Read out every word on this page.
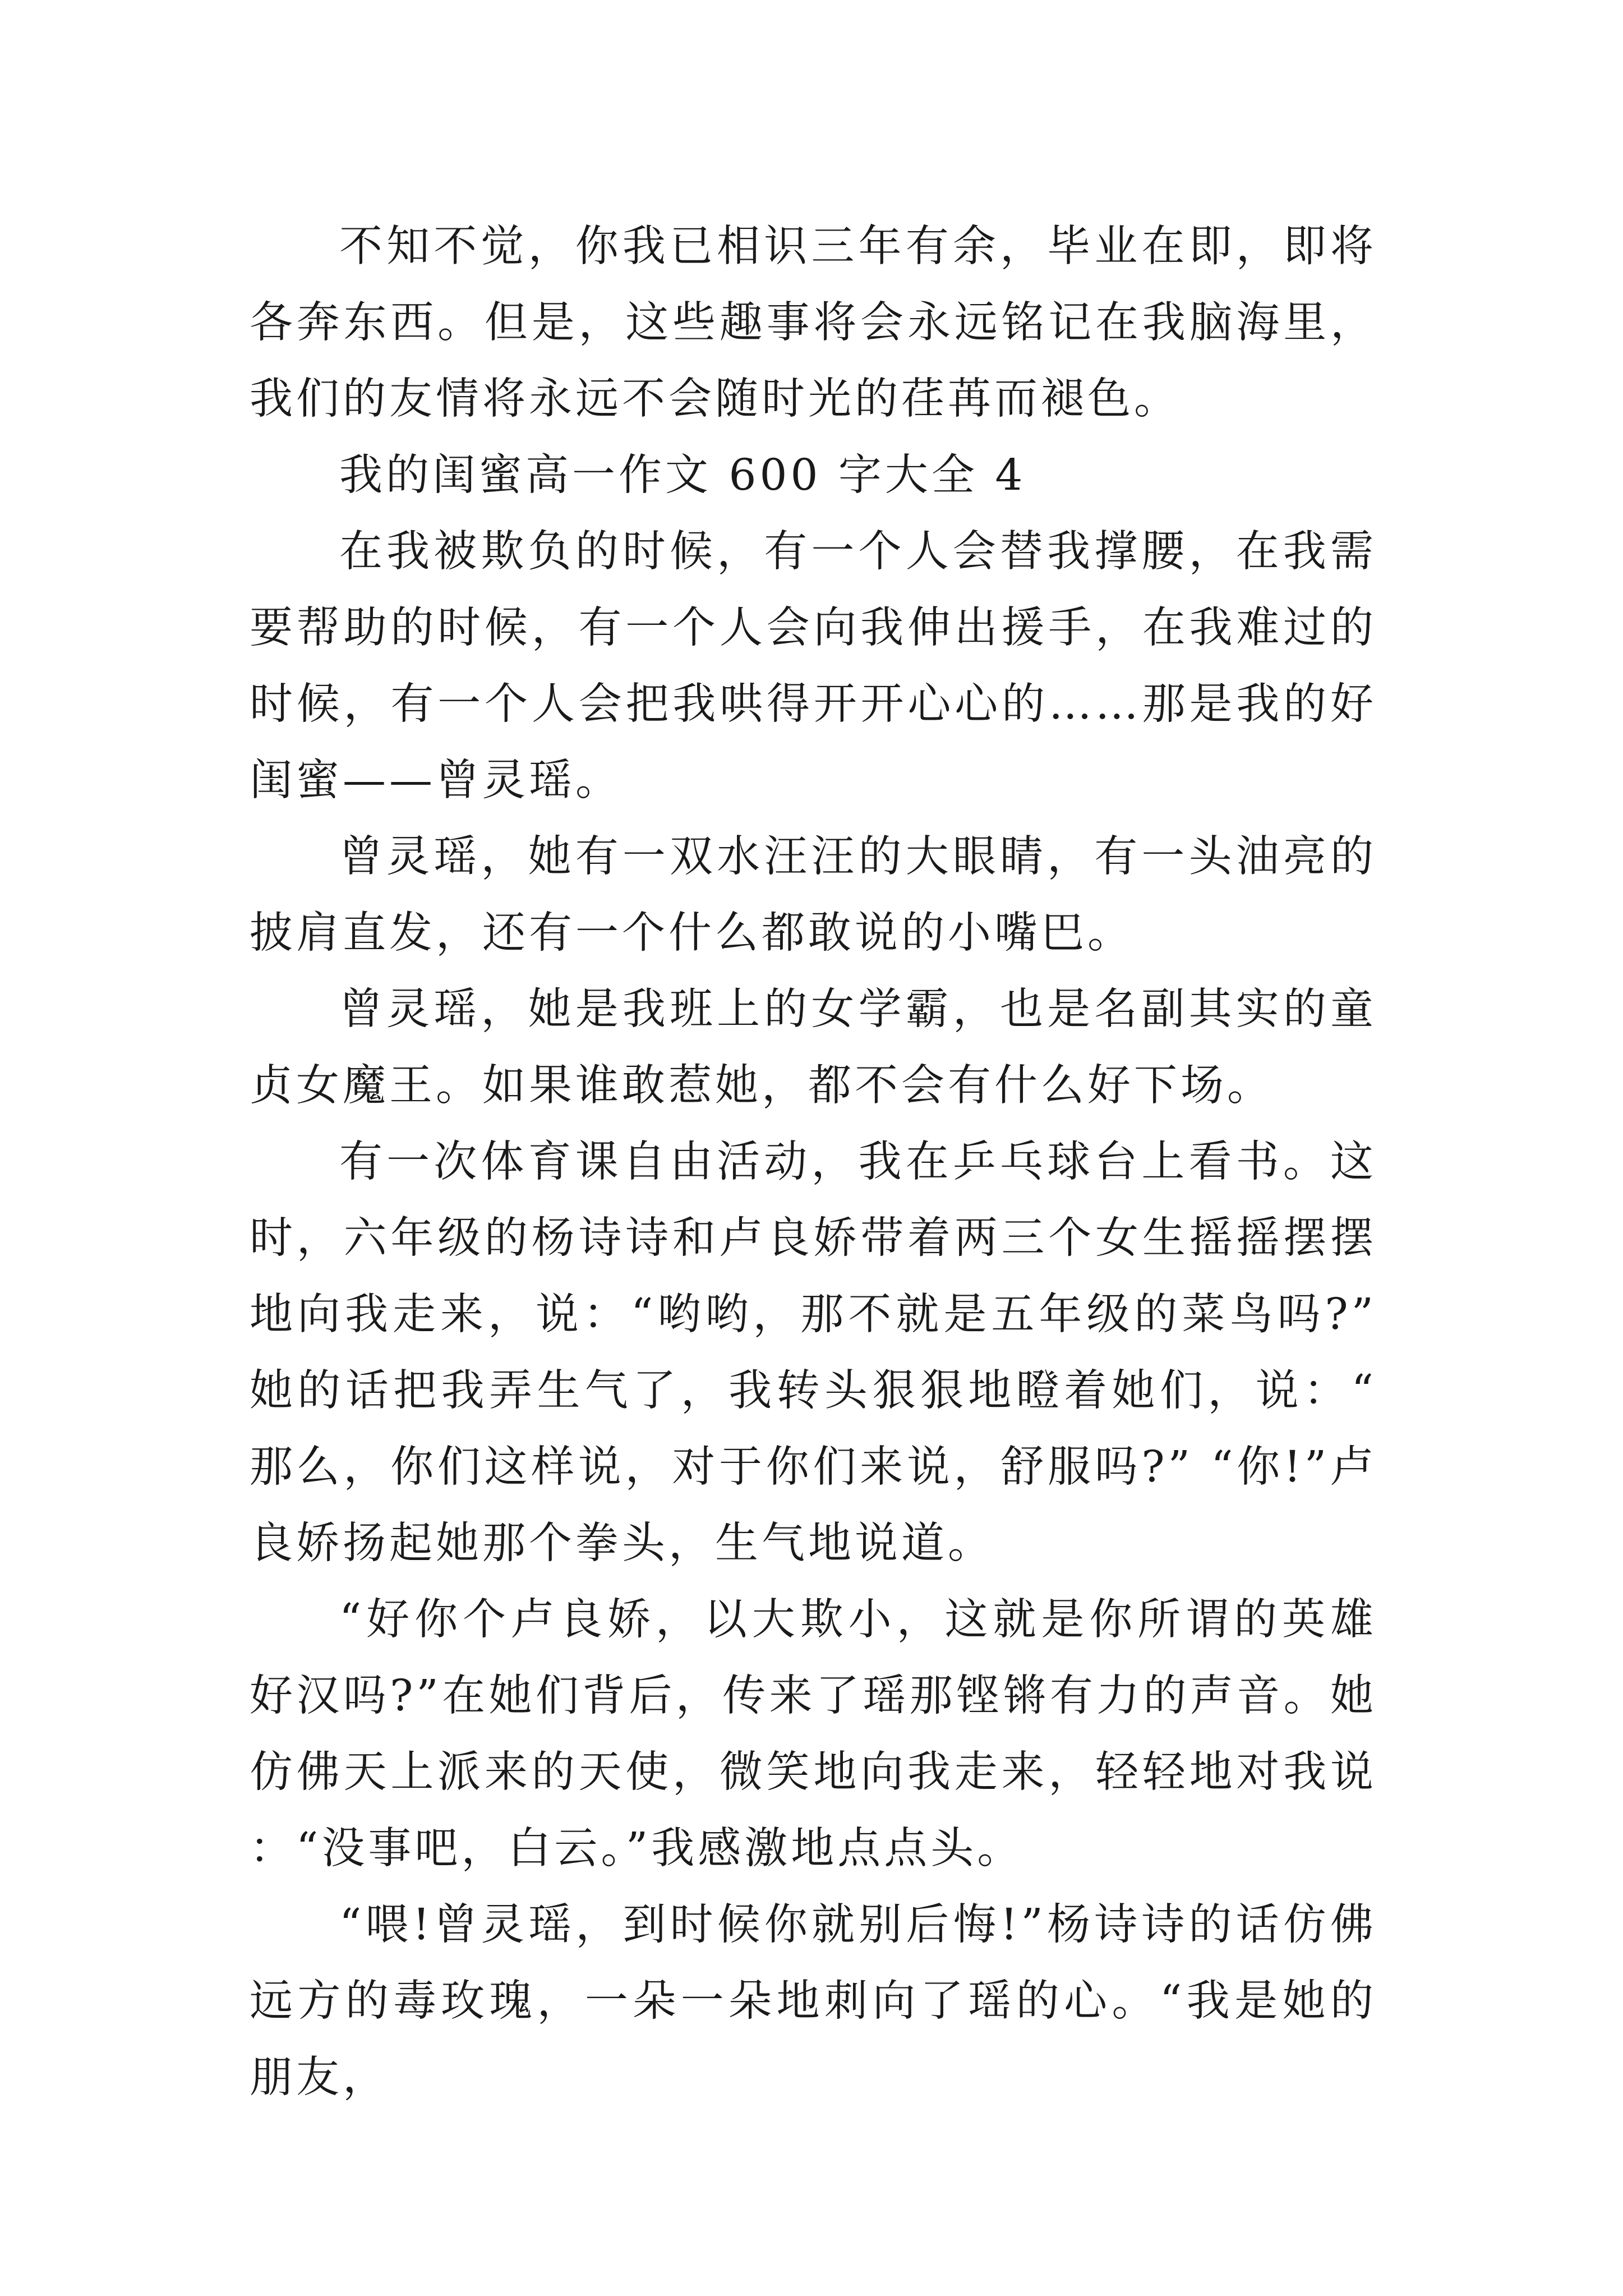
不知不觉，你我已相识三年有余，毕业在即，即将各奔东西。但是，这些趣事将会永远铭记在我脑海里，我们的友情将永远不会随时光的荏苒而褪色。

我的闺蜜高一作文 600 字大全 4

在我被欺负的时候，有一个人会替我撑腰，在我需要帮助的时候，有一个人会向我伸出援手，在我难过的时候，有一个人会把我哄得开开心心的……那是我的好闺蜜——曾灵瑶。

曾灵瑶，她有一双水汪汪的大眼睛，有一头油亮的披肩直发，还有一个什么都敢说的小嘴巴。

曾灵瑶，她是我班上的女学霸，也是名副其实的童贞女魔王。如果谁敢惹她，都不会有什么好下场。

有一次体育课自由活动，我在乒乓球台上看书。这时，六年级的杨诗诗和卢良娇带着两三个女生摇摇摆摆地向我走来，说：“哟哟，那不就是五年级的菜鸟吗?”她的话把我弄生气了，我转头狠狠地瞪着她们，说：“那么，你们这样说，对于你们来说，舒服吗?” “你!”卢良娇扬起她那个拳头，生气地说道。

“好你个卢良娇，以大欺小，这就是你所谓的英雄好汉吗?”在她们背后，传来了瑶那铿锵有力的声音。她仿佛天上派来的天使，微笑地向我走来，轻轻地对我说：“没事吧，白云。”我感激地点点头。

“喂!曾灵瑶，到时候你就别后悔!”杨诗诗的话仿佛远方的毒玫瑰，一朵一朵地刺向了瑶的心。“我是她的朋友，
